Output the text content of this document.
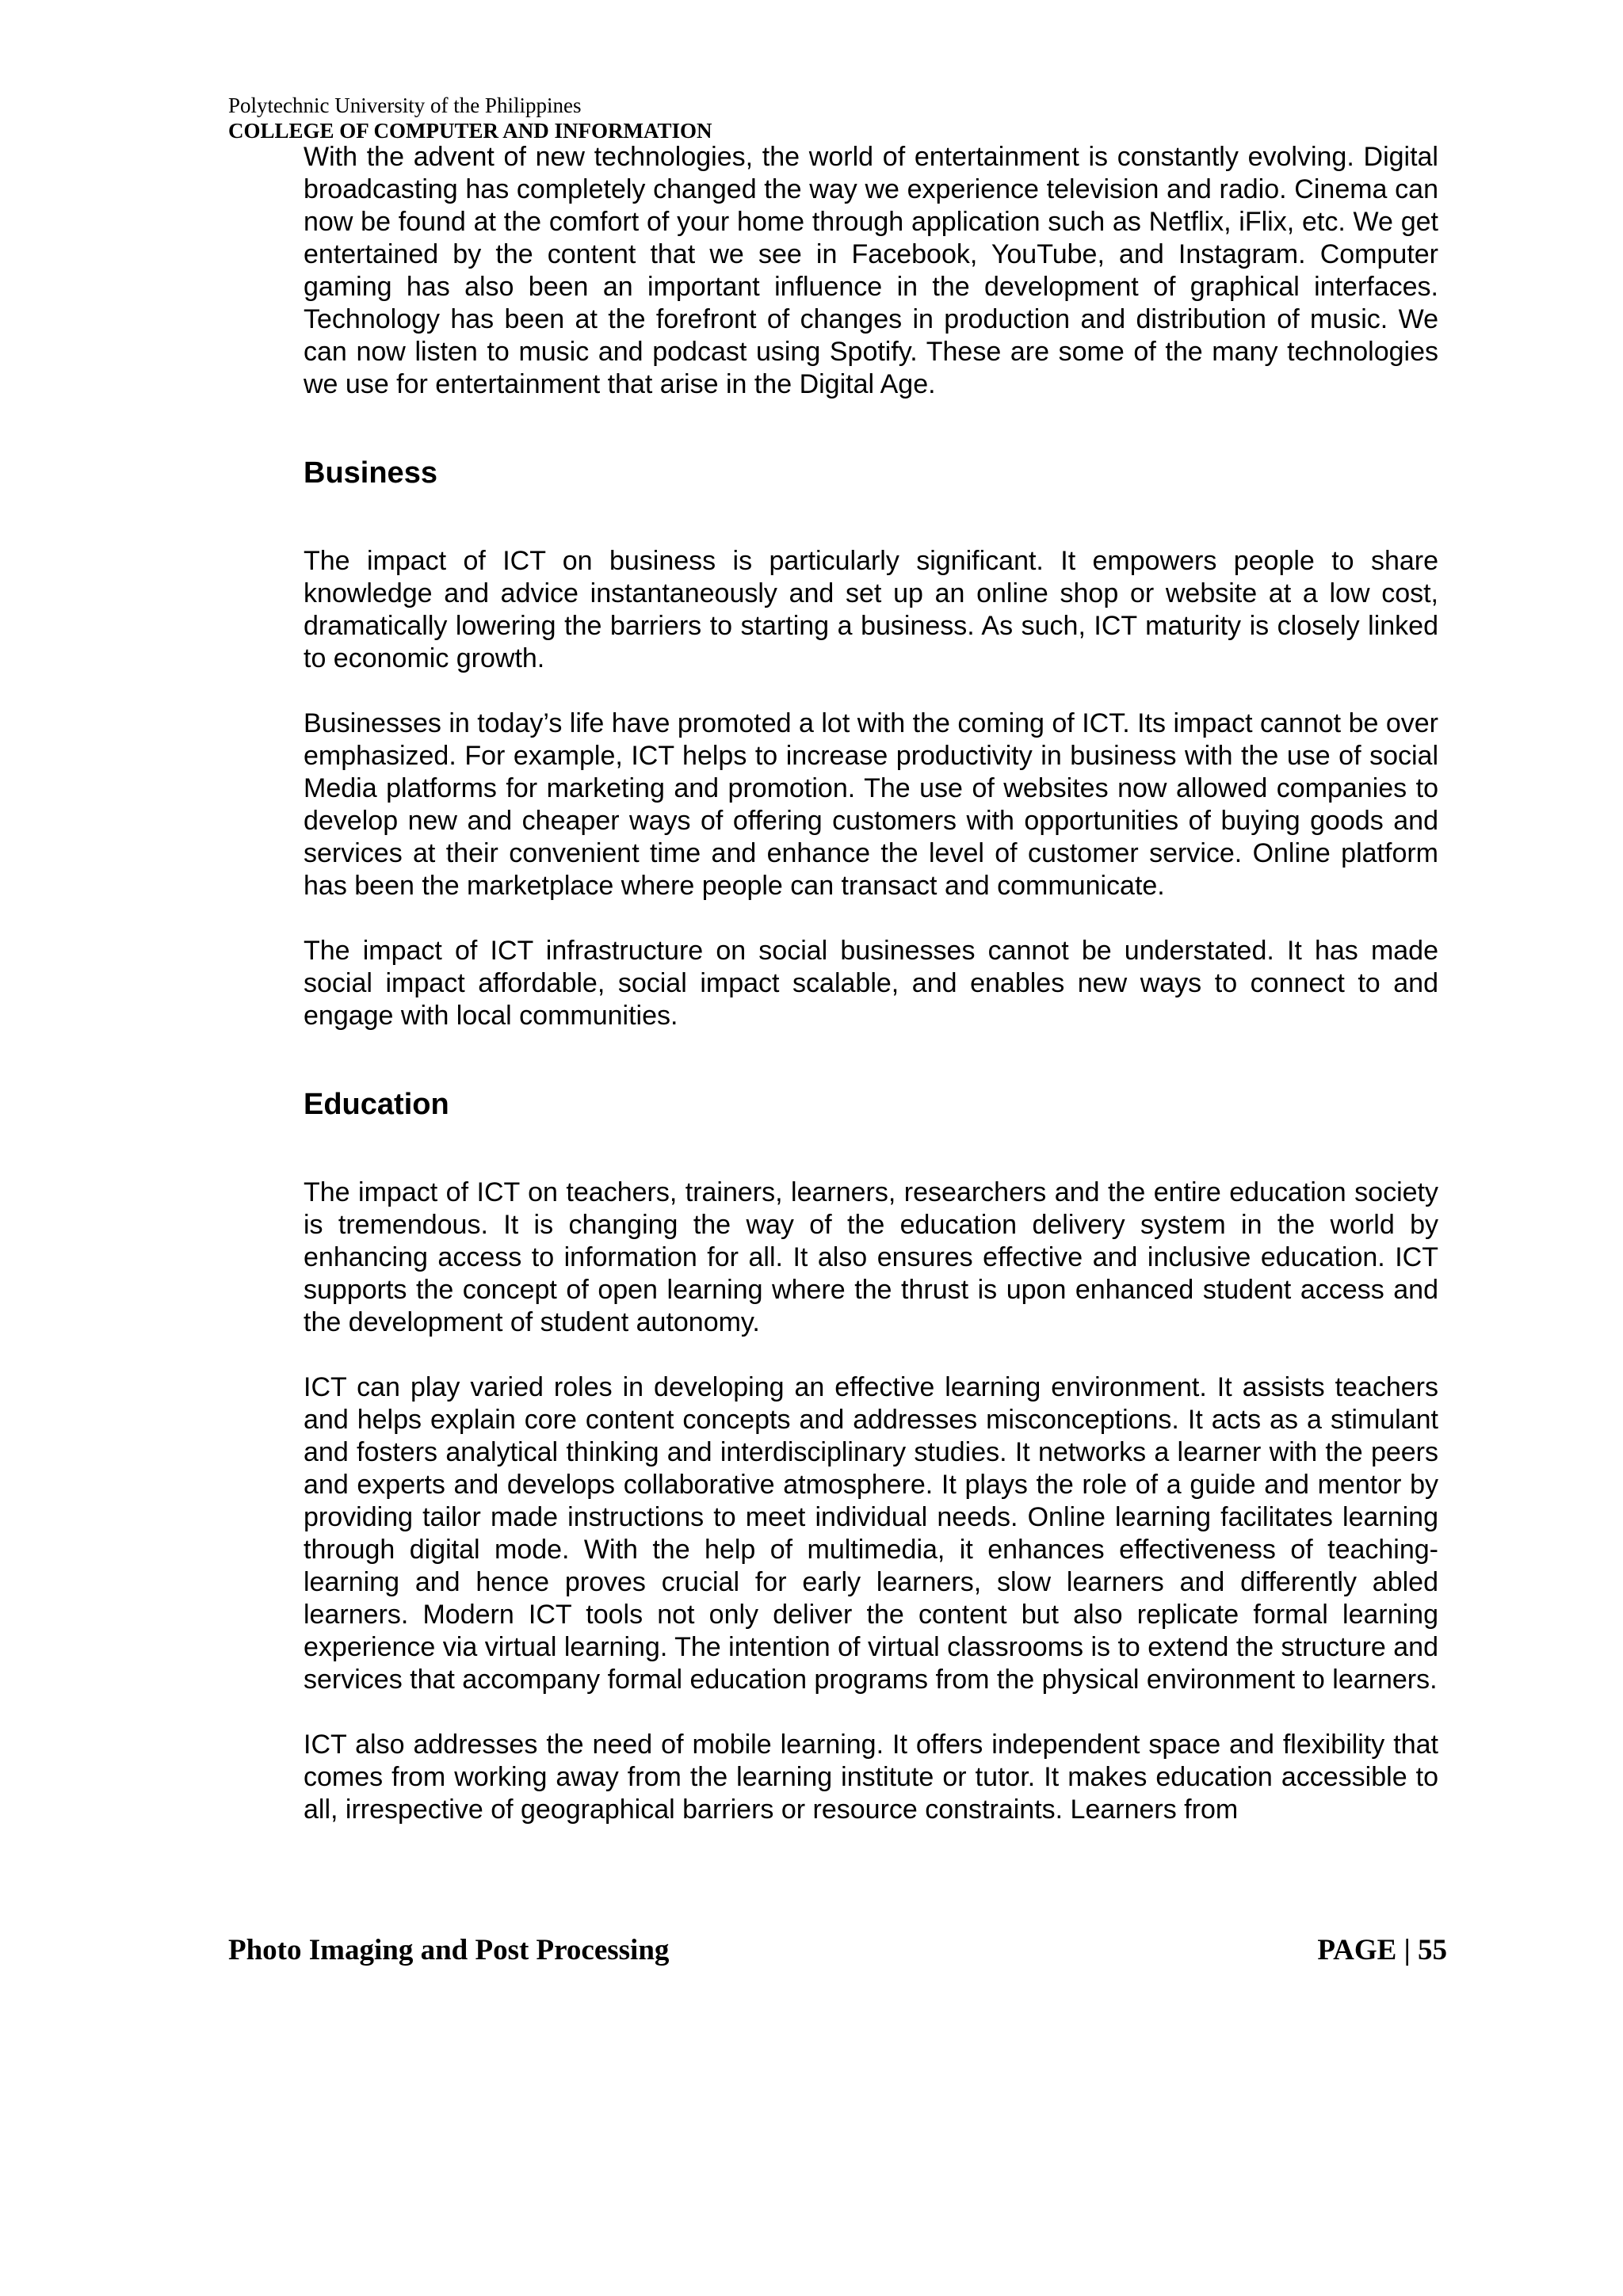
Polytechnic University of the Philippines
COLLEGE OF COMPUTER AND INFORMATION

With the advent of new technologies, the world of entertainment is constantly evolving. Digital broadcasting has completely changed the way we experience television and radio. Cinema can now be found at the comfort of your home through application such as Netflix, iFlix, etc. We get entertained by the content that we see in Facebook, YouTube, and Instagram. Computer gaming has also been an important influence in the development of graphical interfaces. Technology has been at the forefront of changes in production and distribution of music. We can now listen to music and podcast using Spotify. These are some of the many technologies we use for entertainment that arise in the Digital Age.

Business

The impact of ICT on business is particularly significant. It empowers people to share knowledge and advice instantaneously and set up an online shop or website at a low cost, dramatically lowering the barriers to starting a business. As such, ICT maturity is closely linked to economic growth.

Businesses in today’s life have promoted a lot with the coming of ICT. Its impact cannot be over emphasized. For example, ICT helps to increase productivity in business with the use of social Media platforms for marketing and promotion. The use of websites now allowed companies to develop new and cheaper ways of offering customers with opportunities of buying goods and services at their convenient time and enhance the level of customer service. Online platform has been the marketplace where people can transact and communicate.

The impact of ICT infrastructure on social businesses cannot be understated. It has made social impact affordable, social impact scalable, and enables new ways to connect to and engage with local communities.

Education

The impact of ICT on teachers, trainers, learners, researchers and the entire education society is tremendous. It is changing the way of the education delivery system in the world by enhancing access to information for all. It also ensures effective and inclusive education. ICT supports the concept of open learning where the thrust is upon enhanced student access and the development of student autonomy.

ICT can play varied roles in developing an effective learning environment. It assists teachers and helps explain core content concepts and addresses misconceptions. It acts as a stimulant and fosters analytical thinking and interdisciplinary studies. It networks a learner with the peers and experts and develops collaborative atmosphere. It plays the role of a guide and mentor by providing tailor made instructions to meet individual needs. Online learning facilitates learning through digital mode. With the help of multimedia, it enhances effectiveness of teaching-learning and hence proves crucial for early learners, slow learners and differently abled learners. Modern ICT tools not only deliver the content but also replicate formal learning experience via virtual learning. The intention of virtual classrooms is to extend the structure and services that accompany formal education programs from the physical environment to learners.

ICT also addresses the need of mobile learning. It offers independent space and flexibility that comes from working away from the learning institute or tutor. It makes education accessible to all, irrespective of geographical barriers or resource constraints. Learners from

Photo Imaging and Post Processing	PAGE | 55
